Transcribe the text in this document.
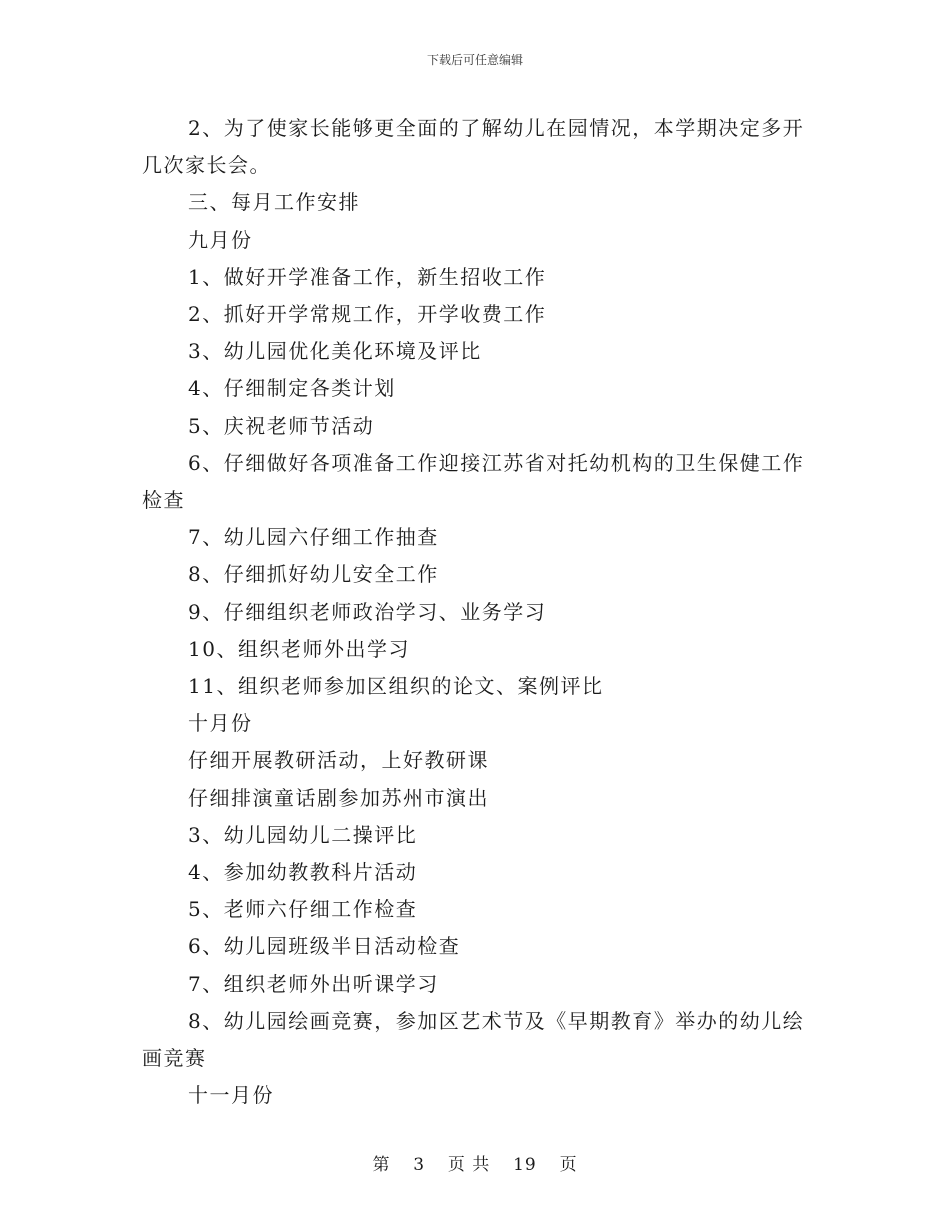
下载后可任意编辑

2、为了使家长能够更全面的了解幼儿在园情况，本学期决定多开几次家长会。

三、每月工作安排

九月份

1、做好开学准备工作，新生招收工作

2、抓好开学常规工作，开学收费工作

3、幼儿园优化美化环境及评比

4、仔细制定各类计划

5、庆祝老师节活动

6、仔细做好各项准备工作迎接江苏省对托幼机构的卫生保健工作检查

7、幼儿园六仔细工作抽查

8、仔细抓好幼儿安全工作

9、仔细组织老师政治学习、业务学习

10、组织老师外出学习

11、组织老师参加区组织的论文、案例评比

十月份

仔细开展教研活动，上好教研课

仔细排演童话剧参加苏州市演出

3、幼儿园幼儿二操评比

4、参加幼教教科片活动

5、老师六仔细工作检查

6、幼儿园班级半日活动检查

7、组织老师外出听课学习

8、幼儿园绘画竞赛，参加区艺术节及《早期教育》举办的幼儿绘画竞赛

十一月份

第 3 页 共 19 页
